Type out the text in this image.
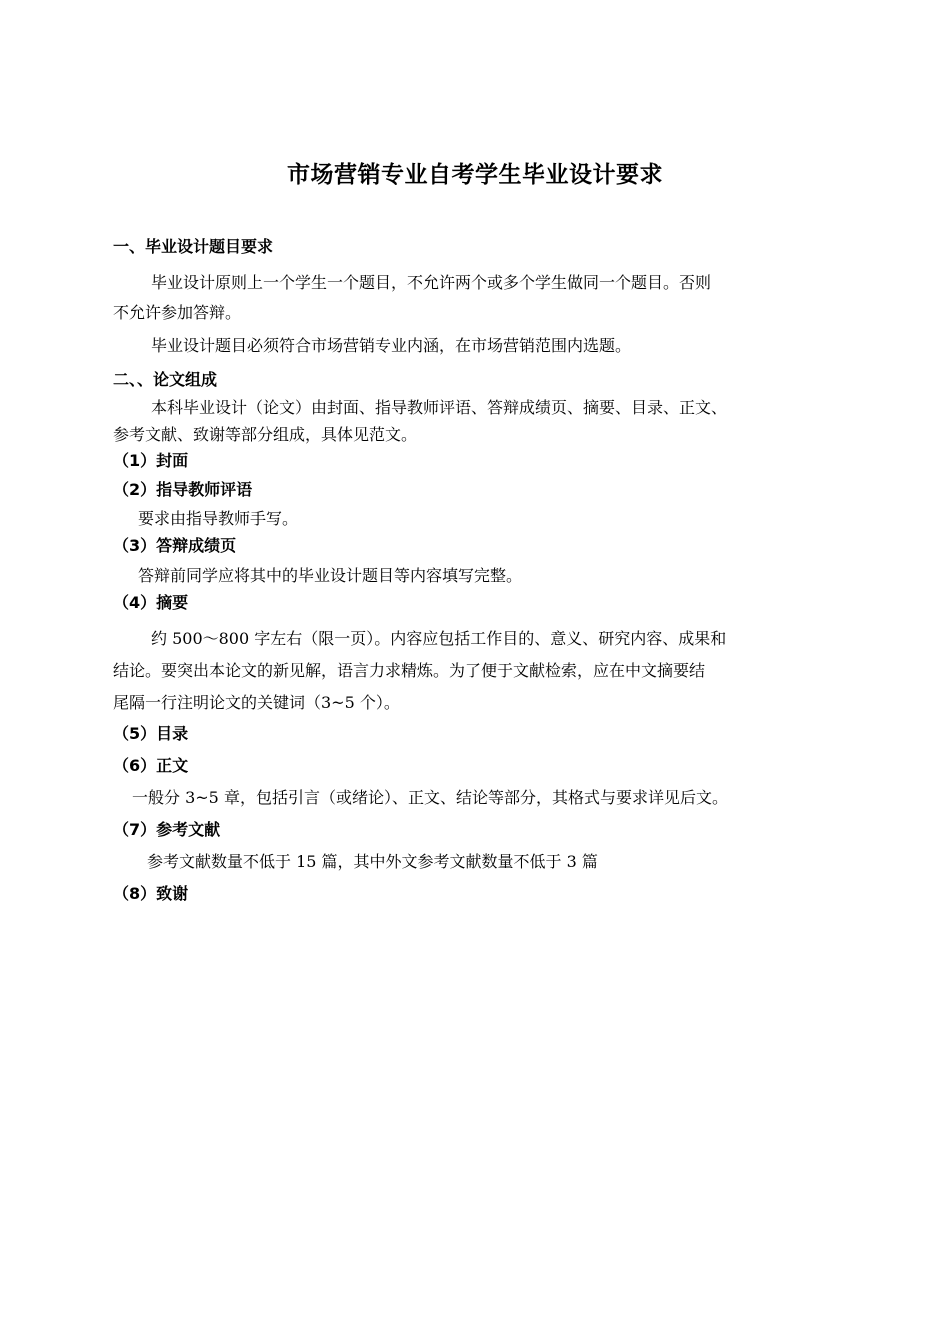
市场营销专业自考学生毕业设计要求
一、毕业设计题目要求
毕业设计原则上一个学生一个题目，不允许两个或多个学生做同一个题目。否则
不允许参加答辩。
毕业设计题目必须符合市场营销专业内涵，在市场营销范围内选题。
二、、论文组成
本科毕业设计（论文）由封面、指导教师评语、答辩成绩页、摘要、目录、正文、
参考文献、致谢等部分组成，具体见范文。
（1）封面
（2）指导教师评语
要求由指导教师手写。
（3）答辩成绩页
答辩前同学应将其中的毕业设计题目等内容填写完整。
（4）摘要
约 500～800 字左右（限一页）。内容应包括工作目的、意义、研究内容、成果和
结论。要突出本论文的新见解，语言力求精炼。为了便于文献检索，应在中文摘要结
尾隔一行注明论文的关键词（3~5 个）。
（5）目录
（6）正文
一般分 3~5 章，包括引言（或绪论）、正文、结论等部分，其格式与要求详见后文。
（7）参考文献
参考文献数量不低于 15 篇，其中外文参考文献数量不低于 3 篇
（8）致谢
